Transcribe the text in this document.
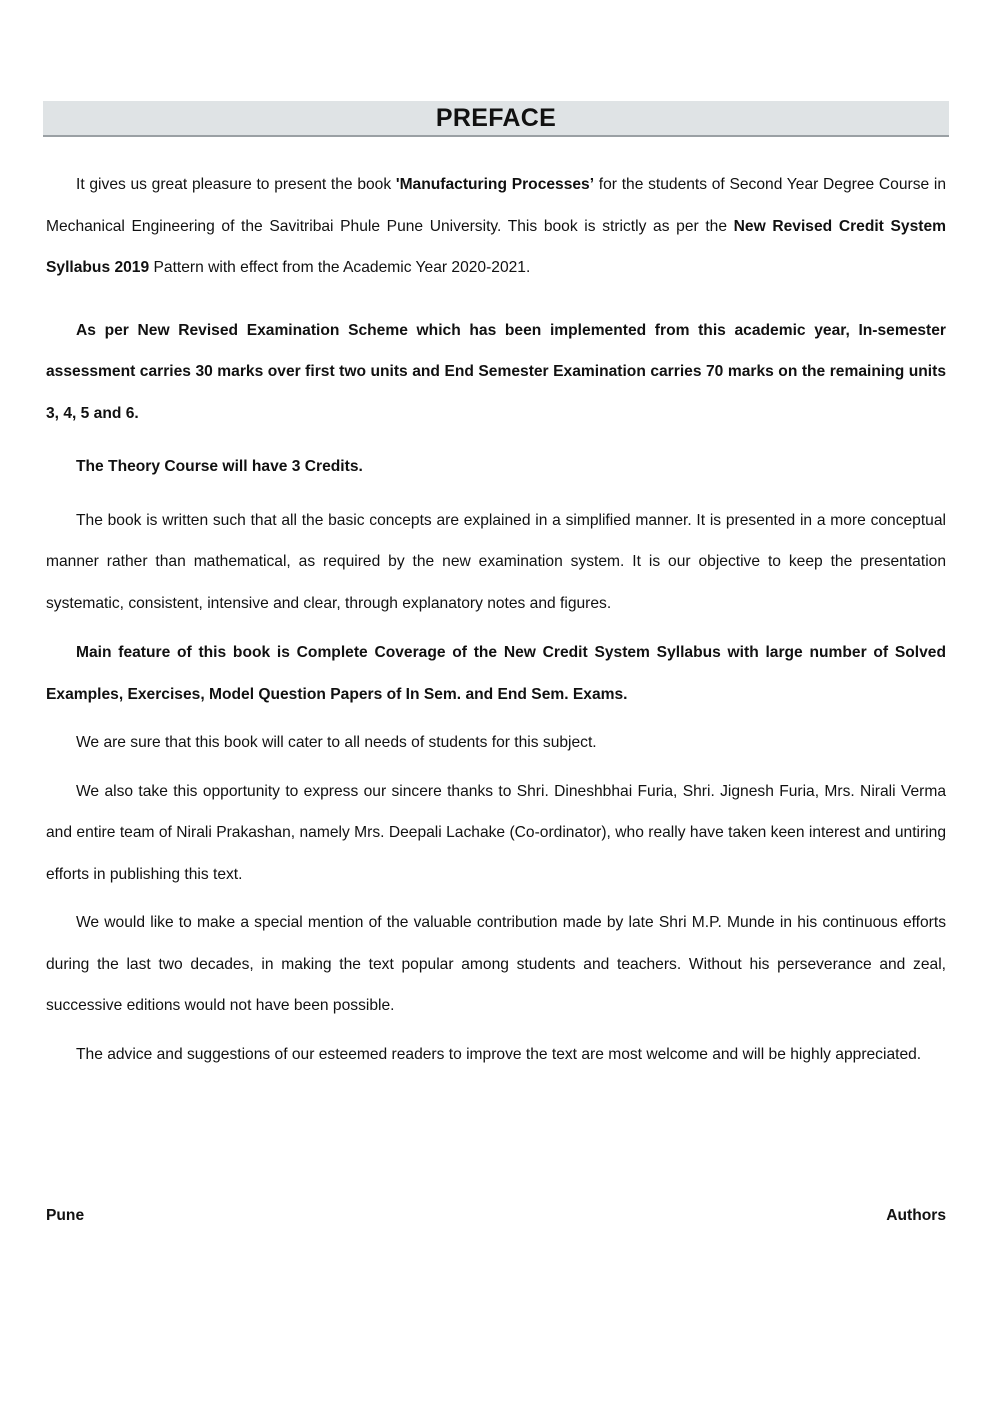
PREFACE

It gives us great pleasure to present the book 'Manufacturing Processes’ for the students of Second Year Degree Course in Mechanical Engineering of the Savitribai Phule Pune University. This book is strictly as per the New Revised Credit System Syllabus 2019 Pattern with effect from the Academic Year 2020-2021.

As per New Revised Examination Scheme which has been implemented from this academic year, In-semester assessment carries 30 marks over first two units and End Semester Examination carries 70 marks on the remaining units 3, 4, 5 and 6.

The Theory Course will have 3 Credits.

The book is written such that all the basic concepts are explained in a simplified manner. It is presented in a more conceptual manner rather than mathematical, as required by the new examination system. It is our objective to keep the presentation systematic, consistent, intensive and clear, through explanatory notes and figures.

Main feature of this book is Complete Coverage of the New Credit System Syllabus with large number of Solved Examples, Exercises, Model Question Papers of In Sem. and End Sem. Exams.

We are sure that this book will cater to all needs of students for this subject.

We also take this opportunity to express our sincere thanks to Shri. Dineshbhai Furia, Shri. Jignesh Furia, Mrs. Nirali Verma and entire team of Nirali Prakashan, namely Mrs. Deepali Lachake (Co-ordinator), who really have taken keen interest and untiring efforts in publishing this text.

We would like to make a special mention of the valuable contribution made by late Shri M.P. Munde in his continuous efforts during the last two decades, in making the text popular among students and teachers. Without his perseverance and zeal, successive editions would not have been possible.

The advice and suggestions of our esteemed readers to improve the text are most welcome and will be highly appreciated.

Pune	Authors
